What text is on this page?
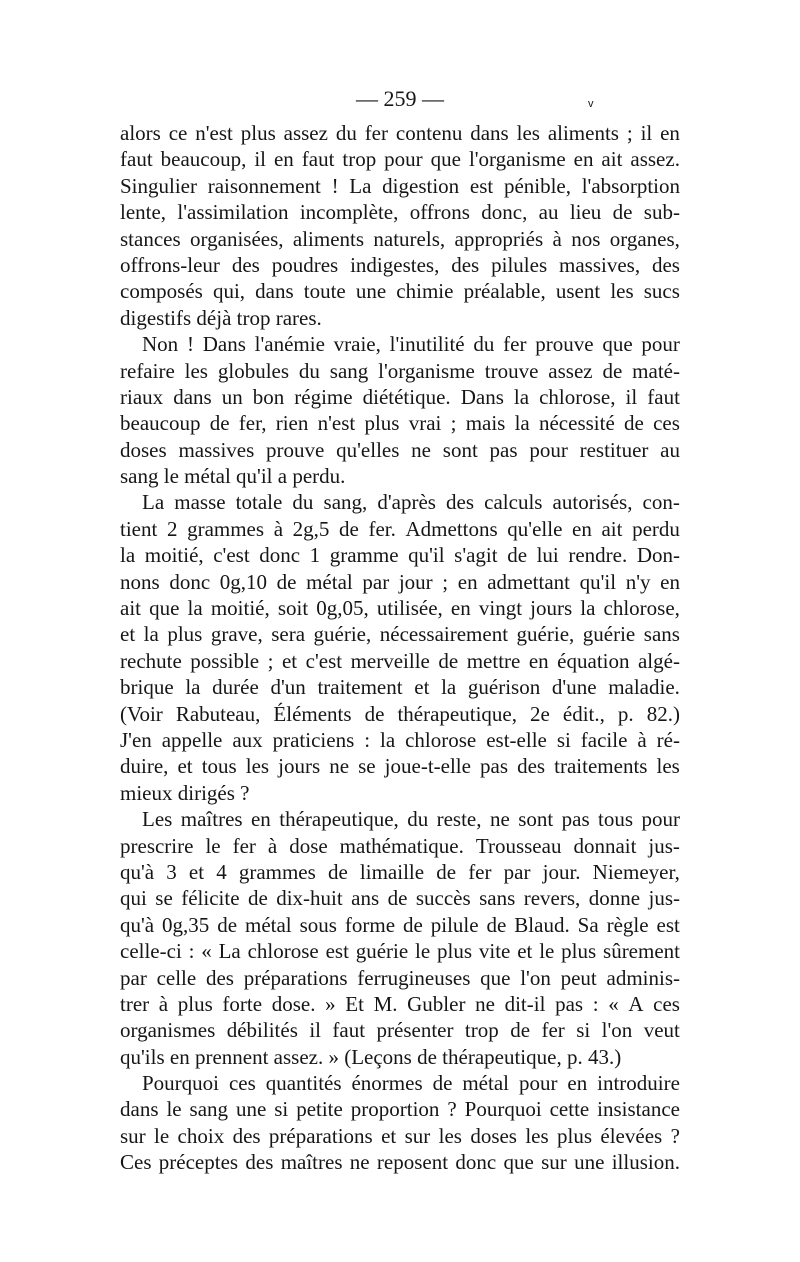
— 259 —	v
alors ce n'est plus assez du fer contenu dans les aliments ; il en
faut beaucoup, il en faut trop pour que l'organisme en ait assez.
Singulier raisonnement ! La digestion est pénible, l'absorption
lente, l'assimilation incomplète, offrons donc, au lieu de sub-
stances organisées, aliments naturels, appropriés à nos organes,
offrons-leur des poudres indigestes, des pilules massives, des
composés qui, dans toute une chimie préalable, usent les sucs
digestifs déjà trop rares.
Non ! Dans l'anémie vraie, l'inutilité du fer prouve que pour
refaire les globules du sang l'organisme trouve assez de maté-
riaux dans un bon régime diététique. Dans la chlorose, il faut
beaucoup de fer, rien n'est plus vrai ; mais la nécessité de ces
doses massives prouve qu'elles ne sont pas pour restituer au
sang le métal qu'il a perdu.
La masse totale du sang, d'après des calculs autorisés, con-
tient 2 grammes à 2g,5 de fer. Admettons qu'elle en ait perdu
la moitié, c'est donc 1 gramme qu'il s'agit de lui rendre. Don-
nons donc 0g,10 de métal par jour ; en admettant qu'il n'y en
ait que la moitié, soit 0g,05, utilisée, en vingt jours la chlorose,
et la plus grave, sera guérie, nécessairement guérie, guérie sans
rechute possible ; et c'est merveille de mettre en équation algé-
brique la durée d'un traitement et la guérison d'une maladie.
(Voir Rabuteau, Éléments de thérapeutique, 2e édit., p. 82.)
J'en appelle aux praticiens : la chlorose est-elle si facile à ré-
duire, et tous les jours ne se joue-t-elle pas des traitements les
mieux dirigés ?
Les maîtres en thérapeutique, du reste, ne sont pas tous pour
prescrire le fer à dose mathématique. Trousseau donnait jus-
qu'à 3 et 4 grammes de limaille de fer par jour. Niemeyer,
qui se félicite de dix-huit ans de succès sans revers, donne jus-
qu'à 0g,35 de métal sous forme de pilule de Blaud. Sa règle est
celle-ci : « La chlorose est guérie le plus vite et le plus sûrement
par celle des préparations ferrugineuses que l'on peut adminis-
trer à plus forte dose. » Et M. Gubler ne dit-il pas : « A ces
organismes débilités il faut présenter trop de fer si l'on veut
qu'ils en prennent assez. » (Leçons de thérapeutique, p. 43.)
Pourquoi ces quantités énormes de métal pour en introduire
dans le sang une si petite proportion ? Pourquoi cette insistance
sur le choix des préparations et sur les doses les plus élevées ?
Ces préceptes des maîtres ne reposent donc que sur une illusion.
